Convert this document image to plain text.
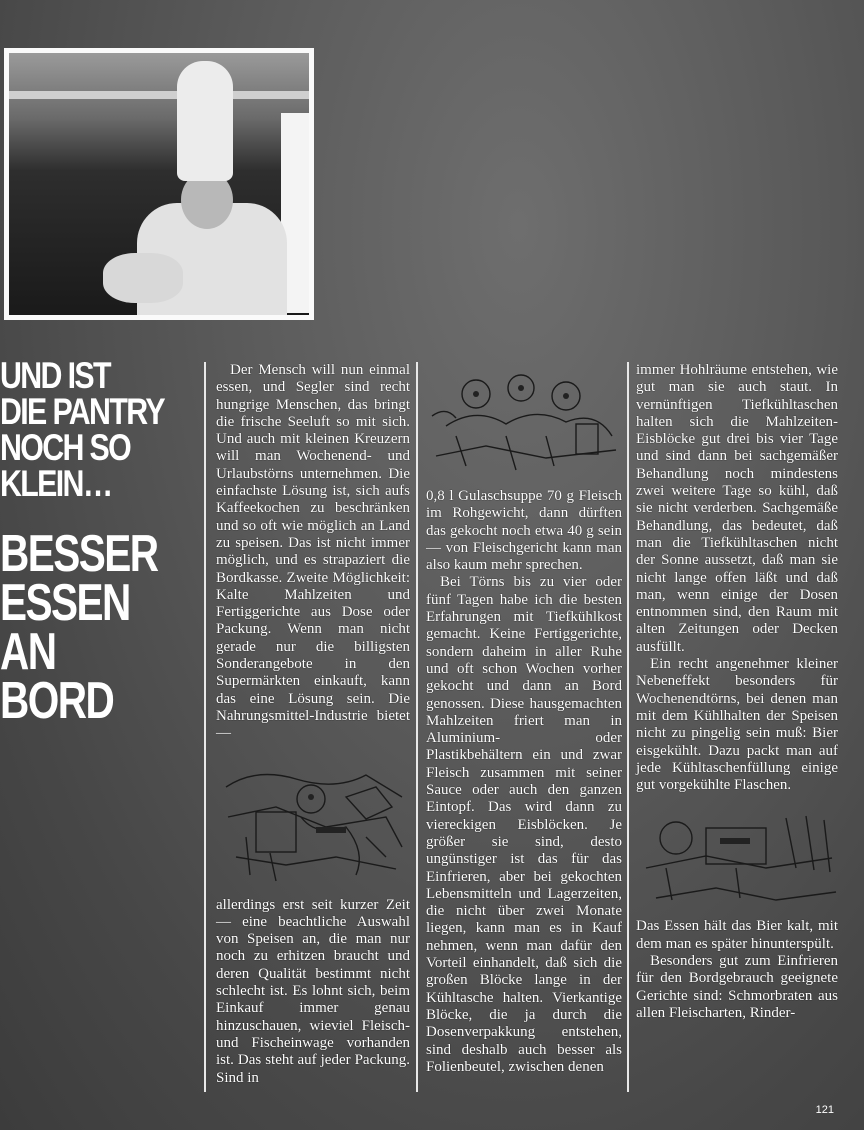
UND IST
DIE PANTRY
NOCH SO
KLEIN…
BESSER
ESSEN
AN
BORD

Der Mensch will nun einmal essen, und Segler sind recht hungrige Menschen, das bringt die frische Seeluft so mit sich. Und auch mit kleinen Kreuzern will man Wochenend- und Urlaubstörns unternehmen. Die einfachste Lösung ist, sich aufs Kaffeekochen zu beschränken und so oft wie möglich an Land zu speisen. Das ist nicht immer möglich, und es strapaziert die Bordkasse. Zweite Möglichkeit: Kalte Mahlzeiten und Fertiggerichte aus Dose oder Packung. Wenn man nicht gerade nur die billigsten Sonderangebote in den Supermärkten einkauft, kann das eine Lösung sein. Die Nahrungsmittel-Industrie bietet —

allerdings erst seit kurzer Zeit — eine beachtliche Auswahl von Speisen an, die man nur noch zu erhitzen braucht und deren Qualität bestimmt nicht schlecht ist. Es lohnt sich, beim Einkauf immer genau hinzuschauen, wieviel Fleisch- und Fischeinwage vorhanden ist. Das steht auf jeder Packung. Sind in

0,8 l Gulaschsuppe 70 g Fleisch im Rohgewicht, dann dürften das gekocht noch etwa 40 g sein — von Fleischgericht kann man also kaum mehr sprechen.

Bei Törns bis zu vier oder fünf Tagen habe ich die besten Erfahrungen mit Tiefkühlkost gemacht. Keine Fertiggerichte, sondern daheim in aller Ruhe und oft schon Wochen vorher gekocht und dann an Bord genossen. Diese hausgemachten Mahlzeiten friert man in Aluminium- oder Plastikbehältern ein und zwar Fleisch zusammen mit seiner Sauce oder auch den ganzen Eintopf. Das wird dann zu viereckigen Eisblöcken. Je größer sie sind, desto ungünstiger ist das für das Einfrieren, aber bei gekochten Lebensmitteln und Lagerzeiten, die nicht über zwei Monate liegen, kann man es in Kauf nehmen, wenn man dafür den Vorteil einhandelt, daß sich die großen Blöcke lange in der Kühltasche halten. Vierkantige Blöcke, die ja durch die Dosenverpakkung entstehen, sind deshalb auch besser als Folienbeutel, zwischen denen

immer Hohlräume entstehen, wie gut man sie auch staut. In vernünftigen Tiefkühltaschen halten sich die Mahlzeiten-Eisblöcke gut drei bis vier Tage und sind dann bei sachgemäßer Behandlung noch mindestens zwei weitere Tage so kühl, daß sie nicht verderben. Sachgemäße Behandlung, das bedeutet, daß man die Tiefkühltaschen nicht der Sonne aussetzt, daß man sie nicht lange offen läßt und daß man, wenn einige der Dosen entnommen sind, den Raum mit alten Zeitungen oder Decken ausfüllt.

Ein recht angenehmer kleiner Nebeneffekt besonders für Wochenendtörns, bei denen man mit dem Kühlhalten der Speisen nicht zu pingelig sein muß: Bier eisgekühlt. Dazu packt man auf jede Kühltaschenfüllung einige gut vorgekühlte Flaschen.

Das Essen hält das Bier kalt, mit dem man es später hinunterspült.

Besonders gut zum Einfrieren für den Bordgebrauch geeignete Gerichte sind: Schmorbraten aus allen Fleischarten, Rinder-

121
